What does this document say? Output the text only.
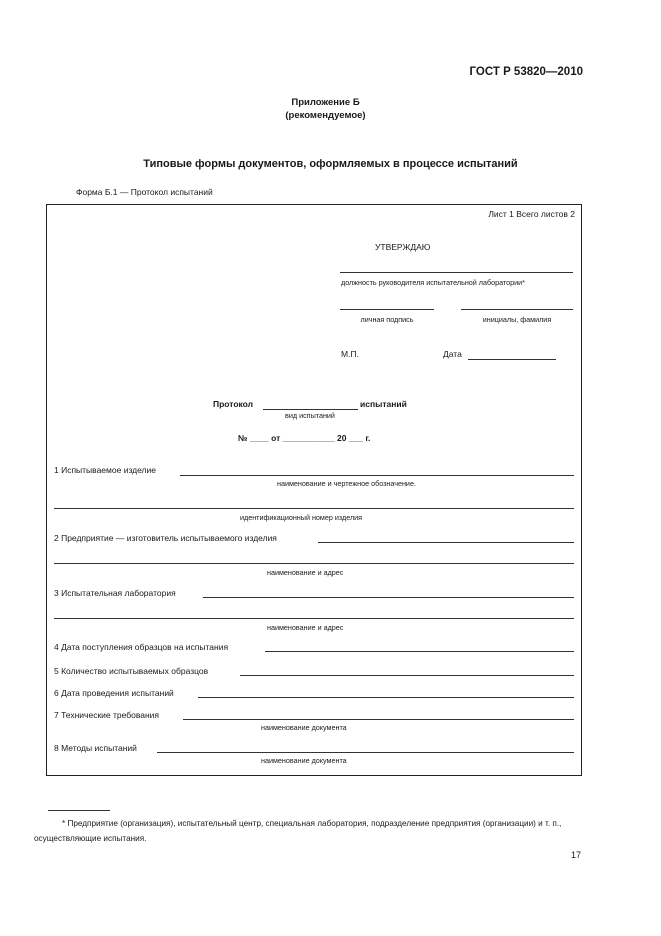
ГОСТ Р 53820—2010
Приложение Б
(рекомендуемое)
Типовые формы документов, оформляемых в процессе испытаний
Форма Б.1 — Протокол испытаний
Лист 1 Всего листов 2
УТВЕРЖДАЮ
должность руководителя испытательной лаборатории*
личная подпись	инициалы, фамилия
М.П.	Дата
Протокол	испытаний
вид испытаний
№ ____ от ___________ 20 ___ г.
1 Испытываемое изделие
наименование и чертежное обозначение.
идентификационный номер изделия
2 Предприятие — изготовитель испытываемого изделия
наименование и адрес
3 Испытательная лаборатория
наименование и адрес
4 Дата поступления образцов на испытания
5 Количество испытываемых образцов
6 Дата проведения испытаний
7 Технические требования
наименование документа
8 Методы испытаний
наименование документа

* Предприятие (организация), испытательный центр, специальная лаборатория, подразделение предприятия (организации) и т. п., осуществляющие испытания.

17
